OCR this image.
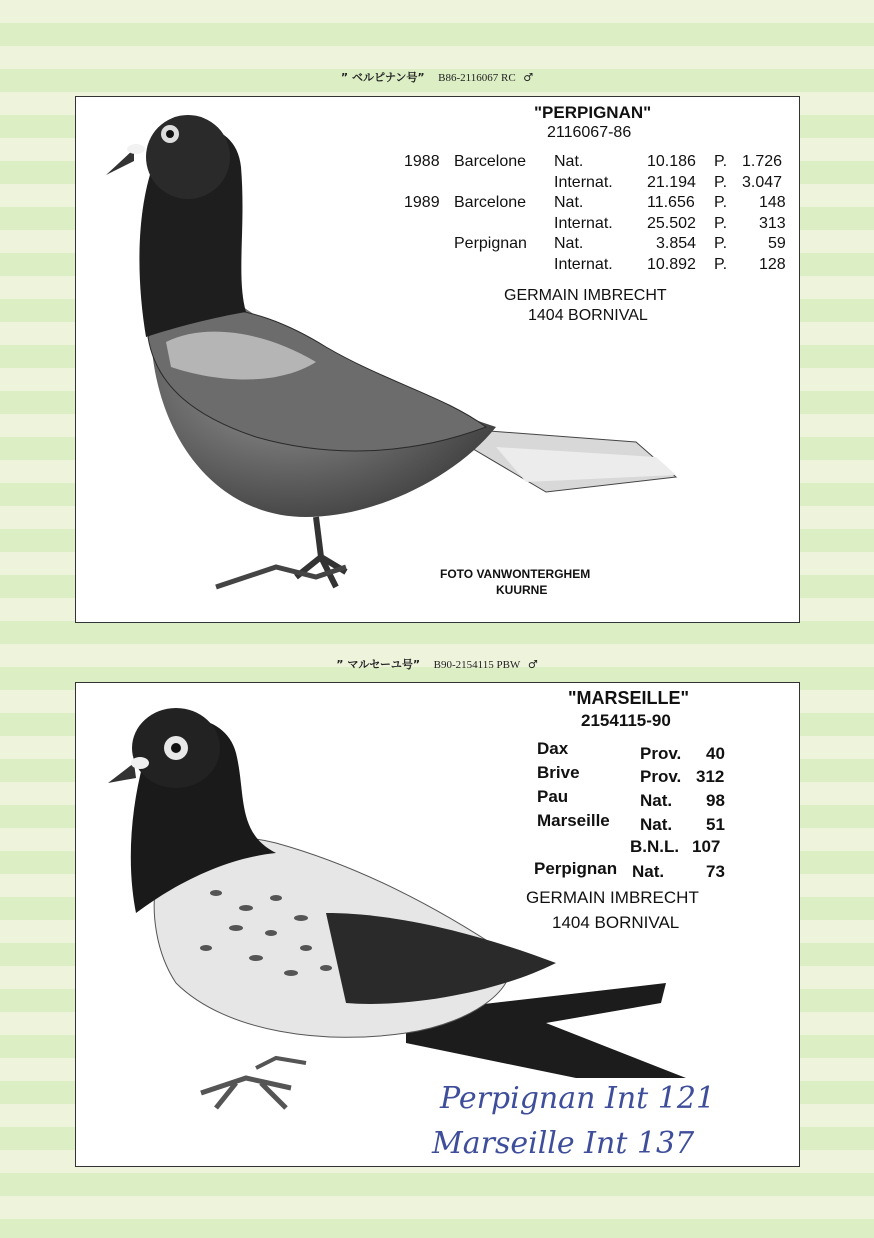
” ベルピナン号” B86-2116067 RC ♂
"PERPIGNAN"
2116067-86
1988 Barcelone Nat.	10.186 P. 1.726
Internat. 21.194 P. 3.047
1989 Barcelone Nat.	11.656 P. 148
Internat. 25.502 P. 313
Perpignan Nat.	3.854 P.	59
Internat. 10.892 P. 128
GERMAIN IMBRECHT
1404 BORNIVAL
FOTO VANWONTERGHEM
KUURNE
” マルセーユ号” B90-2154115 PBW ♂
"MARSEILLE"
2154115-90
Dax	Prov. 40
Brive	Prov. 312
Pau	Nat. 98
Marseille Nat. 51
B.N.L. 107
Perpignan Nat. 73
GERMAIN IMBRECHT
1404 BORNIVAL
Perpignan Int 121
Marseille Int 137
